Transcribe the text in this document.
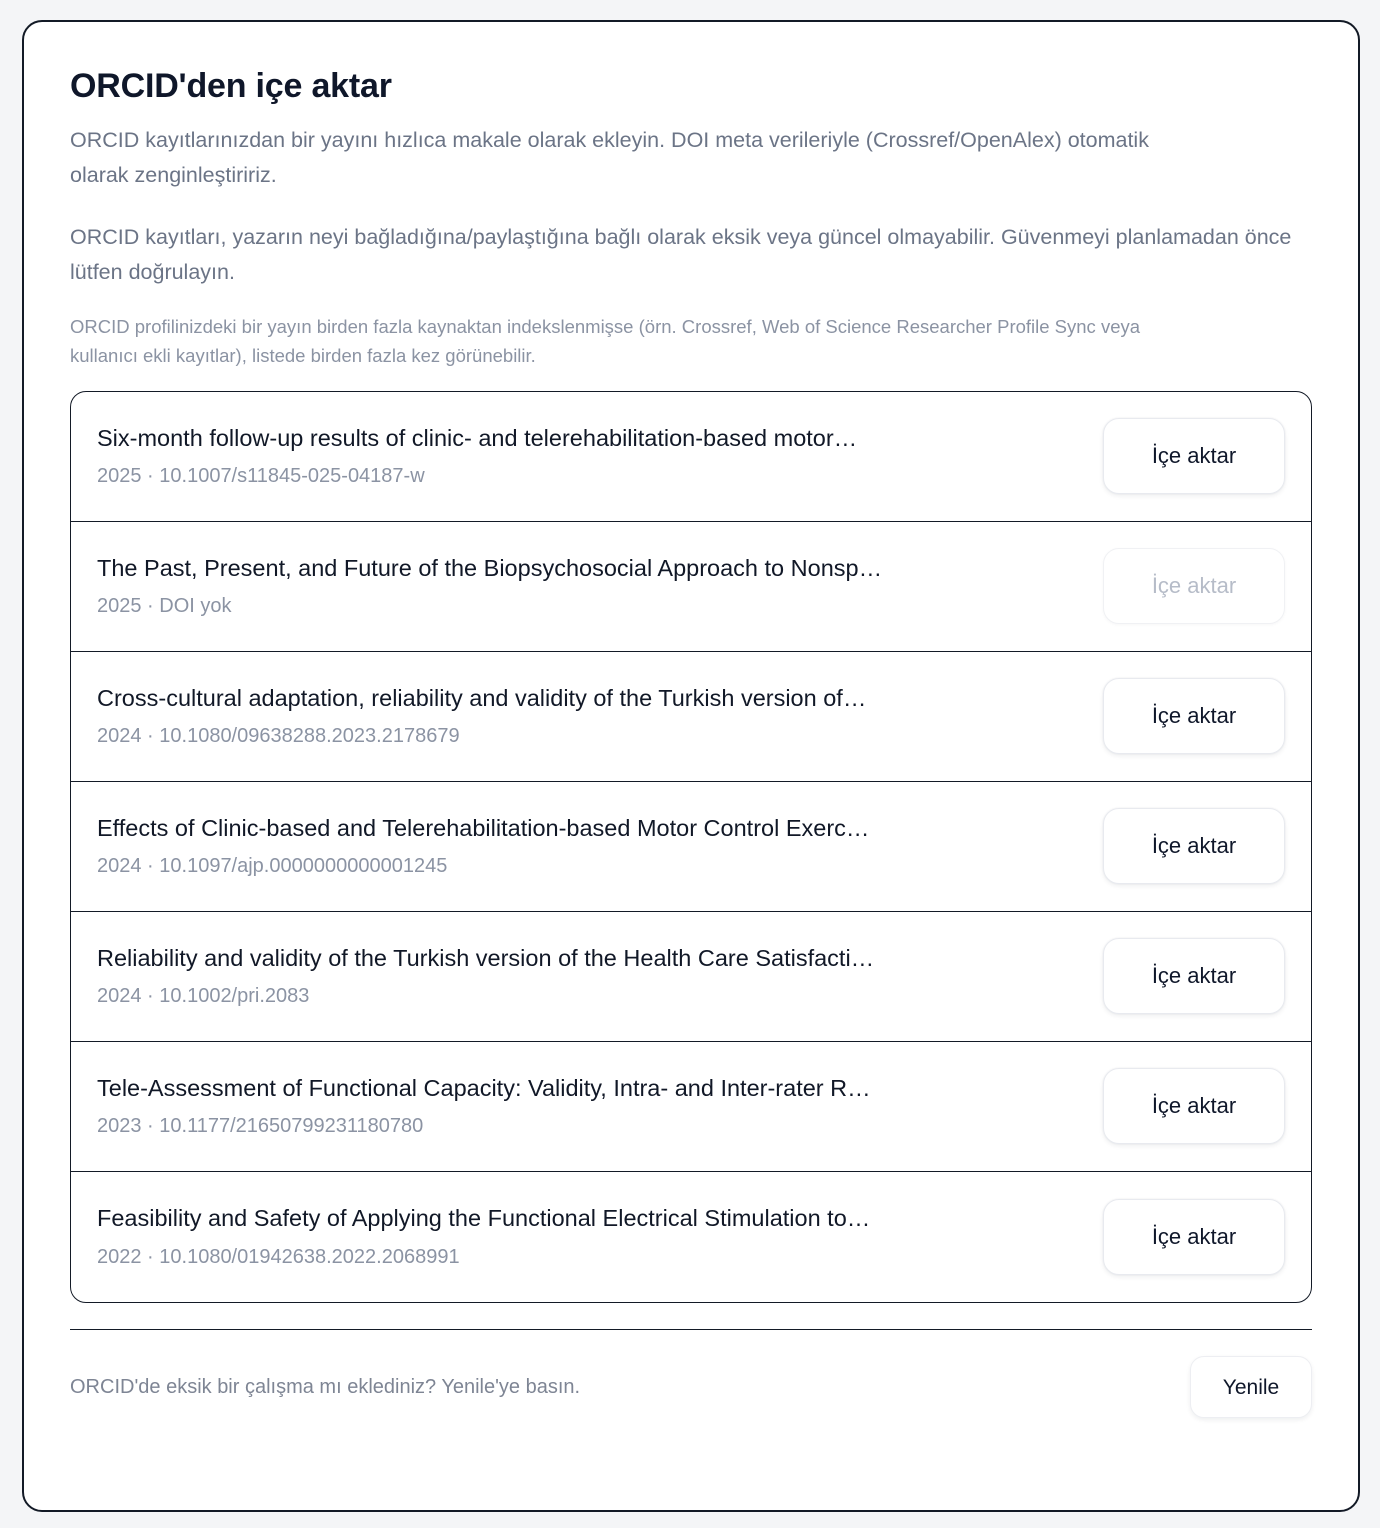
ORCID'den içe aktar

ORCID kayıtlarınızdan bir yayını hızlıca makale olarak ekleyin. DOI meta verileriyle (Crossref/OpenAlex) otomatik olarak zenginleştiririz.

ORCID kayıtları, yazarın neyi bağladığına/paylaştığına bağlı olarak eksik veya güncel olmayabilir. Güvenmeyi planlamadan önce lütfen doğrulayın.

ORCID profilinizdeki bir yayın birden fazla kaynaktan indekslenmişse (örn. Crossref, Web of Science Researcher Profile Sync veya kullanıcı ekli kayıtlar), listede birden fazla kez görünebilir.

Six-month follow-up results of clinic- and telerehabilitation-based motor…
2025 · 10.1007/s11845-025-04187-w
İçe aktar
The Past, Present, and Future of the Biopsychosocial Approach to Nonsp…
2025 · DOI yok
İçe aktar
Cross-cultural adaptation, reliability and validity of the Turkish version of…
2024 · 10.1080/09638288.2023.2178679
İçe aktar
Effects of Clinic-based and Telerehabilitation-based Motor Control Exerc…
2024 · 10.1097/ajp.0000000000001245
İçe aktar
Reliability and validity of the Turkish version of the Health Care Satisfacti…
2024 · 10.1002/pri.2083
İçe aktar
Tele-Assessment of Functional Capacity: Validity, Intra- and Inter-rater R…
2023 · 10.1177/21650799231180780
İçe aktar
Feasibility and Safety of Applying the Functional Electrical Stimulation to…
2022 · 10.1080/01942638.2022.2068991
İçe aktar
ORCID'de eksik bir çalışma mı eklediniz? Yenile'ye basın.	Yenile
